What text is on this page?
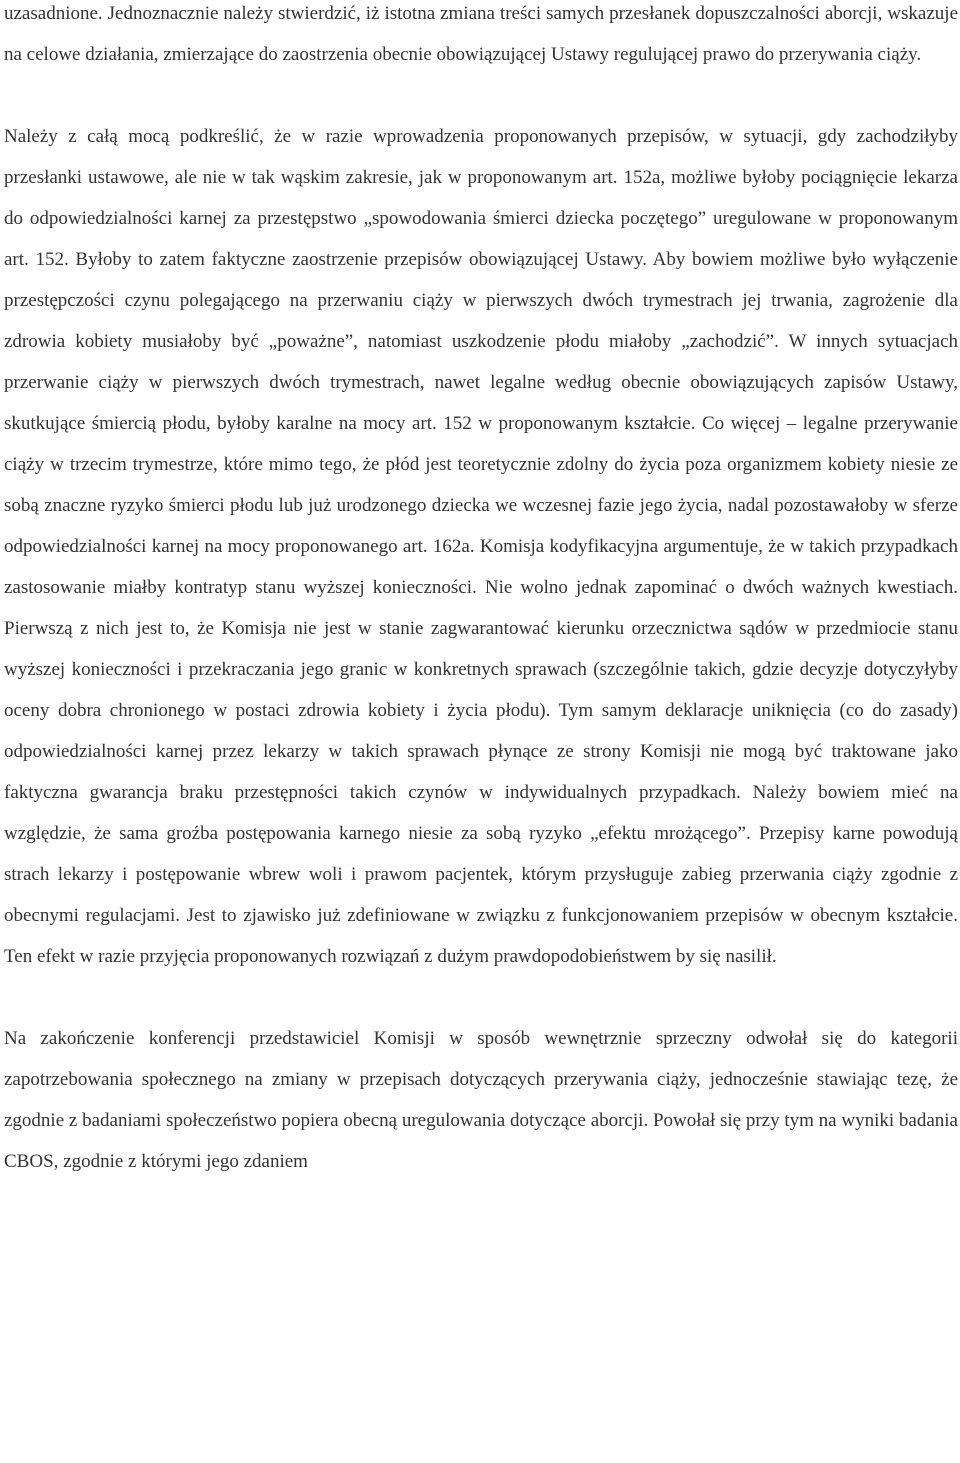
uzasadnione. Jednoznacznie należy stwierdzić, iż istotna zmiana treści samych przesłanek dopuszczalności aborcji, wskazuje na celowe działania, zmierzające do zaostrzenia obecnie obowiązującej Ustawy regulującej prawo do przerywania ciąży.

Należy z całą mocą podkreślić, że w razie wprowadzenia proponowanych przepisów, w sytuacji, gdy zachodziłyby przesłanki ustawowe, ale nie w tak wąskim zakresie, jak w proponowanym art. 152a, możliwe byłoby pociągnięcie lekarza do odpowiedzialności karnej za przestępstwo „spowodowania śmierci dziecka poczętego” uregulowane w proponowanym art. 152. Byłoby to zatem faktyczne zaostrzenie przepisów obowiązującej Ustawy. Aby bowiem możliwe było wyłączenie przestępczości czynu polegającego na przerwaniu ciąży w pierwszych dwóch trymestrach jej trwania, zagrożenie dla zdrowia kobiety musiałoby być „poważne”, natomiast uszkodzenie płodu miałoby „zachodzić”. W innych sytuacjach przerwanie ciąży w pierwszych dwóch trymestrach, nawet legalne według obecnie obowiązujących zapisów Ustawy, skutkujące śmiercią płodu, byłoby karalne na mocy art. 152 w proponowanym kształcie. Co więcej – legalne przerywanie ciąży w trzecim trymestrze, które mimo tego, że płód jest teoretycznie zdolny do życia poza organizmem kobiety niesie ze sobą znaczne ryzyko śmierci płodu lub już urodzonego dziecka we wczesnej fazie jego życia, nadal pozostawałoby w sferze odpowiedzialności karnej na mocy proponowanego art. 162a. Komisja kodyfikacyjna argumentuje, że w takich przypadkach zastosowanie miałby kontratyp stanu wyższej konieczności. Nie wolno jednak zapominać o dwóch ważnych kwestiach. Pierwszą z nich jest to, że Komisja nie jest w stanie zagwarantować kierunku orzecznictwa sądów w przedmiocie stanu wyższej konieczności i przekraczania jego granic w konkretnych sprawach (szczególnie takich, gdzie decyzje dotyczyłyby oceny dobra chronionego w postaci zdrowia kobiety i życia płodu). Tym samym deklaracje uniknięcia (co do zasady) odpowiedzialności karnej przez lekarzy w takich sprawach płynące ze strony Komisji nie mogą być traktowane jako faktyczna gwarancja braku przestępności takich czynów w indywidualnych przypadkach. Należy bowiem mieć na względzie, że sama groźba postępowania karnego niesie za sobą ryzyko „efektu mrożącego”. Przepisy karne powodują strach lekarzy i postępowanie wbrew woli i prawom pacjentek, którym przysługuje zabieg przerwania ciąży zgodnie z obecnymi regulacjami. Jest to zjawisko już zdefiniowane w związku z funkcjonowaniem przepisów w obecnym kształcie. Ten efekt w razie przyjęcia proponowanych rozwiązań z dużym prawdopodobieństwem by się nasilił.

Na zakończenie konferencji przedstawiciel Komisji w sposób wewnętrznie sprzeczny odwołał się do kategorii zapotrzebowania społecznego na zmiany w przepisach dotyczących przerywania ciąży, jednocześnie stawiając tezę, że zgodnie z badaniami społeczeństwo popiera obecną uregulowania dotyczące aborcji. Powołał się przy tym na wyniki badania CBOS, zgodnie z którymi jego zdaniem
